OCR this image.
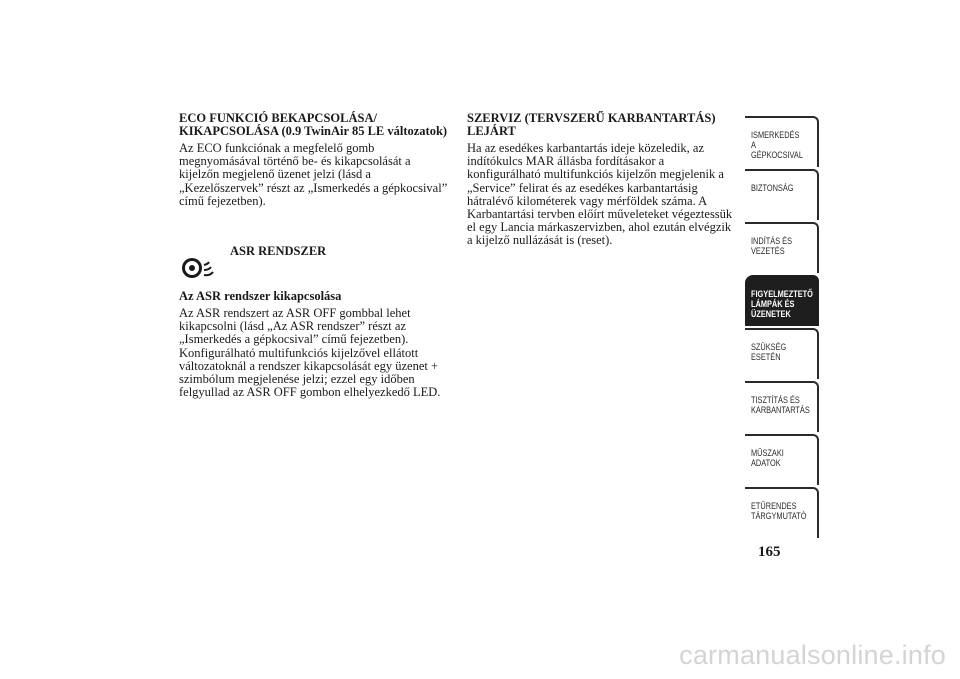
ECO FUNKCIÓ BEKAPCSOLÁSA/
KIKAPCSOLÁSA (0.9 TwinAir 85 LE változatok)

Az ECO funkciónak a megfelelő gomb
megnyomásával történő be- és kikapcsolását a
kijelzőn megjelenő üzenet jelzi (lásd a
„Kezelőszervek” részt az „Ismerkedés a gépkocsival”
című fejezetben).

ASR RENDSZER
Az ASR rendszer kikapcsolása

Az ASR rendszert az ASR OFF gombbal lehet
kikapcsolni (lásd „Az ASR rendszer” részt az
„Ismerkedés a gépkocsival” című fejezetben).
Konfigurálható multifunkciós kijelzővel ellátott
változatoknál a rendszer kikapcsolását egy üzenet +
szimbólum megjelenése jelzi; ezzel egy időben
felgyullad az ASR OFF gombon elhelyezkedő LED.

SZERVIZ (TERVSZERŰ KARBANTARTÁS)
LEJÁRT

Ha az esedékes karbantartás ideje közeledik, az
indítókulcs MAR állásba fordításakor a
konfigurálható multifunkciós kijelzőn megjelenik a
„Service” felirat és az esedékes karbantartásig
hátralévő kilométerek vagy mérföldek száma. A
Karbantartási tervben előírt műveleteket végeztessük
el egy Lancia márkaszervizben, ahol ezután elvégzik
a kijelző nullázását is (reset).

ISMERKEDÉS A
GÉPKOCSIVAL
BIZTONSÁG
INDÍTÁS ÉS
VEZETÉS
FIGYELMEZTETŐ
LÁMPÁK ÉS
ÜZENETEK
SZÜKSÉG ESETÉN
TISZTÍTÁS ÉS
KARBANTARTÁS
MŰSZAKI ADATOK
ETŰRENDES
TÁRGYMUTATÓ
165
carmanualsonline.info
